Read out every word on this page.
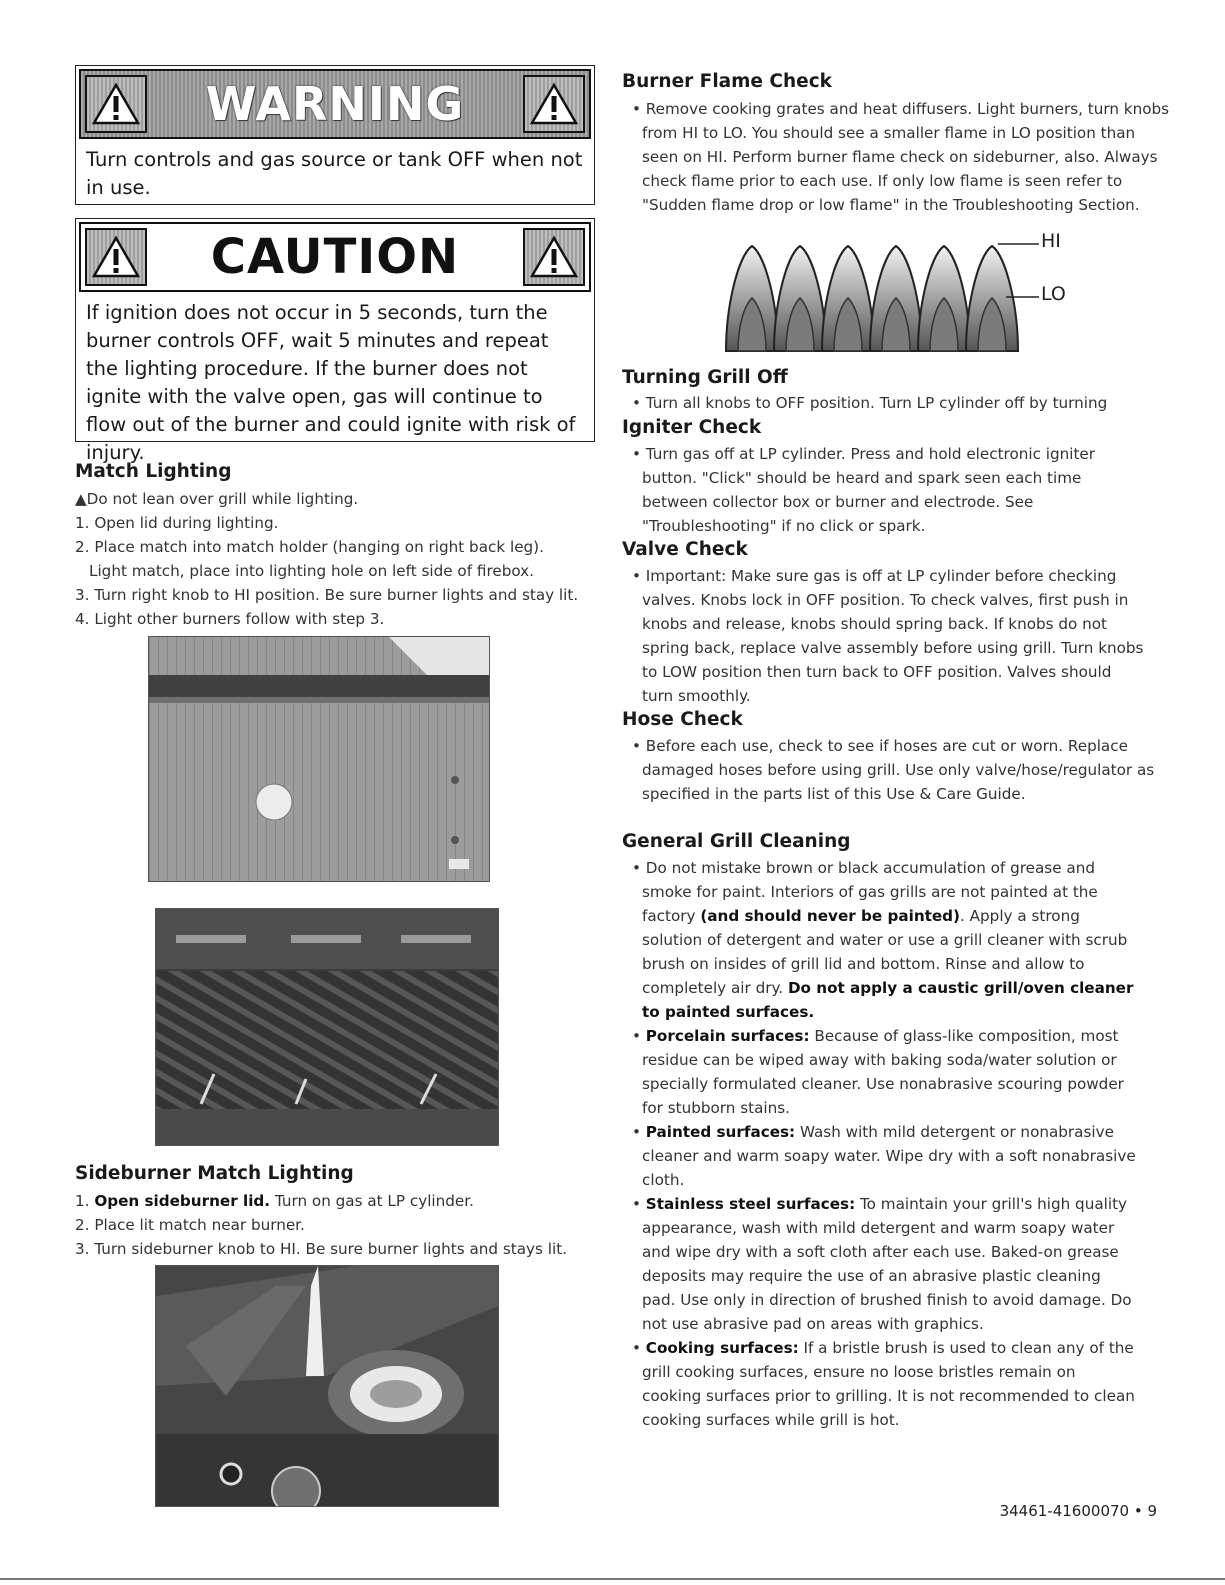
WARNING
Turn controls and gas source or tank OFF when not in use.
CAUTION
If ignition does not occur in 5 seconds, turn the burner controls OFF, wait 5 minutes and repeat the lighting procedure. If the burner does not ignite with the valve open, gas will continue to flow out of the burner and could ignite with risk of injury.
Match Lighting

▲Do not lean over grill while lighting.

1. Open lid during lighting.

2. Place match into match holder (hanging on right back leg).

Light match, place into lighting hole on left side of firebox.

3. Turn right knob to HI position. Be sure burner lights and stay lit.

4. Light other burners follow with step 3.

Sideburner Match Lighting

1. Open sideburner lid. Turn on gas at LP cylinder.

2. Place lit match near burner.

3. Turn sideburner knob to HI. Be sure burner lights and stays lit.

Burner Flame Check
• Remove cooking grates and heat diffusers. Light burners, turn knobs from HI to LO. You should see a smaller flame in LO position than seen on HI. Perform burner flame check on sideburner, also. Always check flame prior to each use. If only low flame is seen refer to "Sudden flame drop or low flame" in the Troubleshooting Section.
HI
LO
Turning Grill Off
• Turn all knobs to OFF position. Turn LP cylinder off by turning
Igniter Check
• Turn gas off at LP cylinder. Press and hold electronic igniter button. "Click" should be heard and spark seen each time between collector box or burner and electrode. See "Troubleshooting" if no click or spark.
Valve Check
• Important: Make sure gas is off at LP cylinder before checking valves. Knobs lock in OFF position. To check valves, first push in knobs and release, knobs should spring back. If knobs do not spring back, replace valve assembly before using grill. Turn knobs to LOW position then turn back to OFF position. Valves should turn smoothly.
Hose Check
• Before each use, check to see if hoses are cut or worn. Replace damaged hoses before using grill. Use only valve/hose/regulator as specified in the parts list of this Use & Care Guide.
General Grill Cleaning

• Do not mistake brown or black accumulation of grease and smoke for paint. Interiors of gas grills are not painted at the factory (and should never be painted). Apply a strong solution of detergent and water or use a grill cleaner with scrub brush on insides of grill lid and bottom. Rinse and allow to completely air dry. Do not apply a caustic grill/oven cleaner to painted surfaces.

• Porcelain surfaces: Because of glass-like composition, most residue can be wiped away with baking soda/water solution or specially formulated cleaner. Use nonabrasive scouring powder for stubborn stains.

• Painted surfaces: Wash with mild detergent or nonabrasive cleaner and warm soapy water. Wipe dry with a soft nonabrasive cloth.

• Stainless steel surfaces: To maintain your grill's high quality appearance, wash with mild detergent and warm soapy water and wipe dry with a soft cloth after each use. Baked-on grease deposits may require the use of an abrasive plastic cleaning pad. Use only in direction of brushed finish to avoid damage. Do not use abrasive pad on areas with graphics.

• Cooking surfaces: If a bristle brush is used to clean any of the grill cooking surfaces, ensure no loose bristles remain on cooking surfaces prior to grilling. It is not recommended to clean cooking surfaces while grill is hot.

34461-41600070 • 9
